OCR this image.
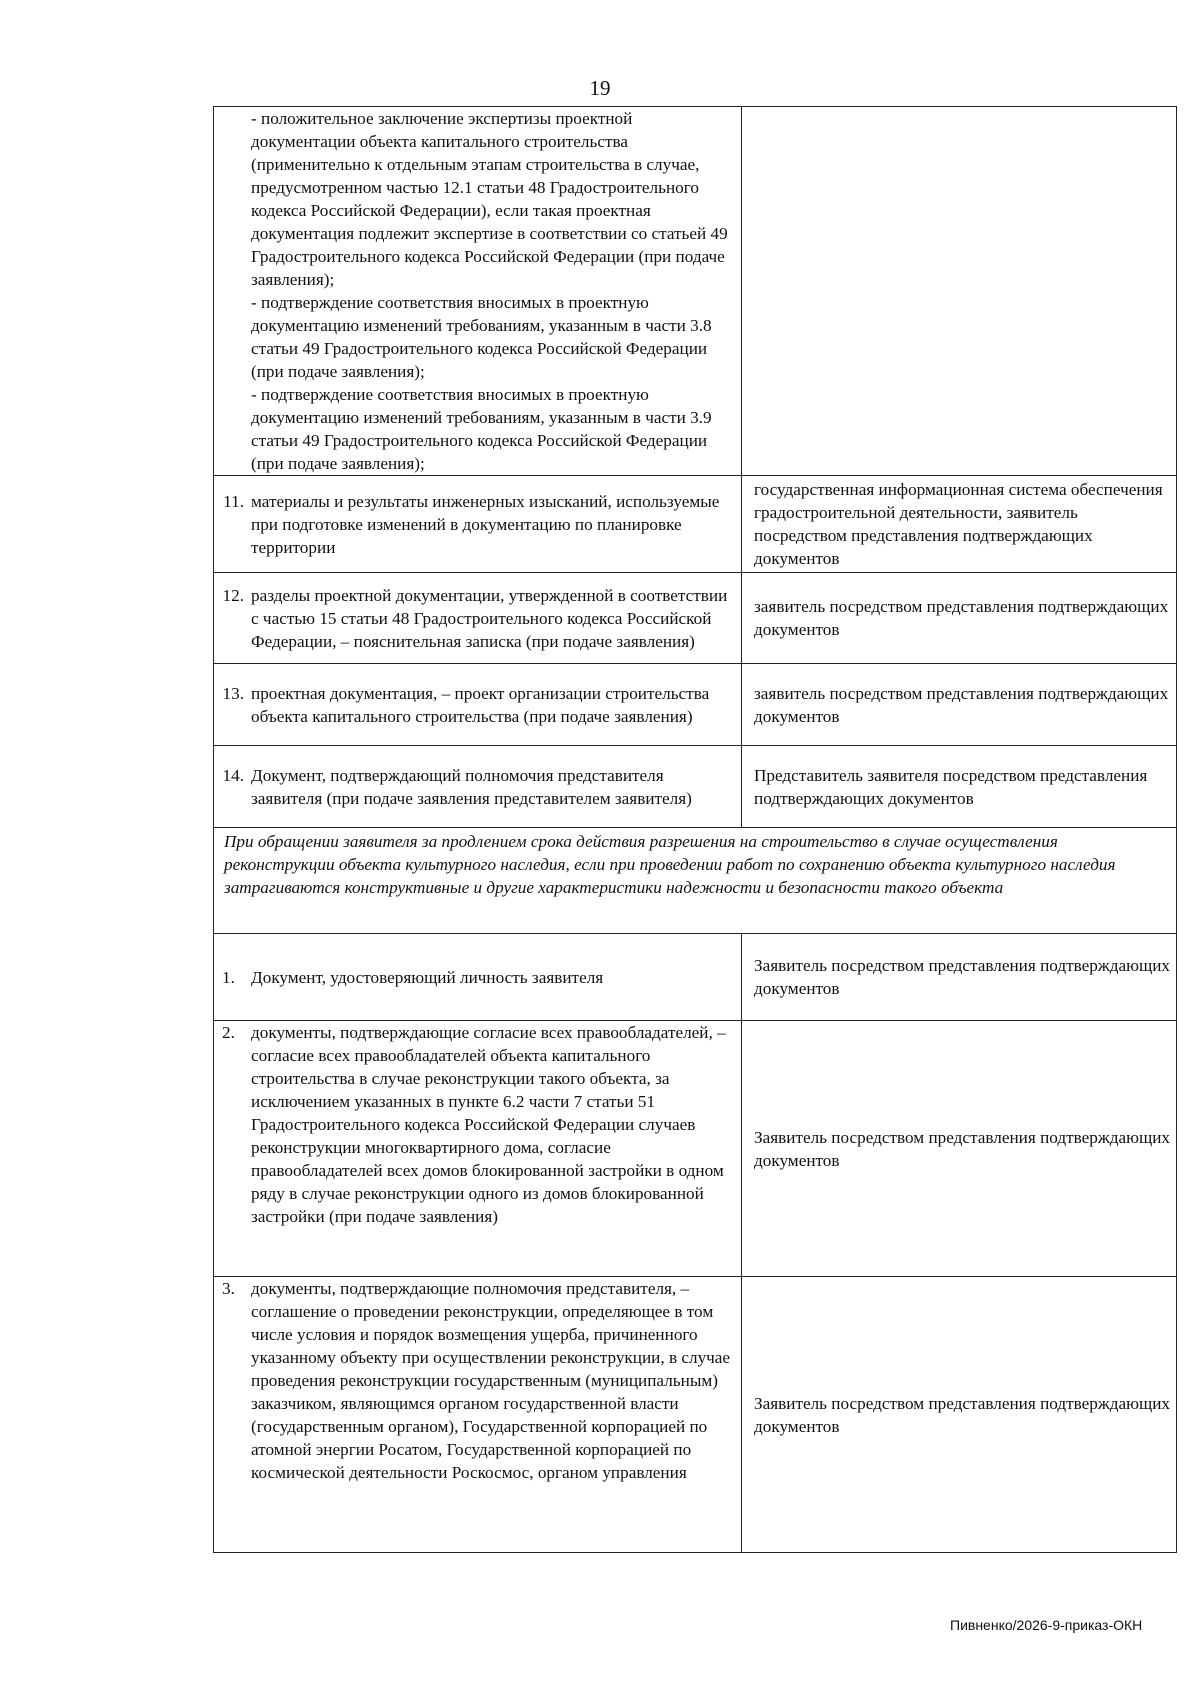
19
- положительное заключение экспертизы проектной документации объекта капитального строительства (применительно к отдельным этапам строительства в случае, предусмотренном частью 12.1 статьи 48 Градостроительного кодекса Российской Федерации), если такая проектная документация подлежит экспертизе в соответствии со статьей 49 Градостроительного кодекса Российской Федерации (при подаче заявления);
- подтверждение соответствия вносимых в проектную документацию изменений требованиям, указанным в части 3.8 статьи 49 Градостроительного кодекса Российской Федерации (при подаче заявления);
- подтверждение соответствия вносимых в проектную документацию изменений требованиям, указанным в части 3.9 статьи 49 Градостроительного кодекса Российской Федерации (при подаче заявления);	

11. материалы и результаты инженерных изысканий, используемые при подготовке изменений в документацию по планировке территории	государственная информационная система обеспечения градостроительной деятельности, заявитель посредством представления подтверждающих документов

12. разделы проектной документации, утвержденной в соответствии с частью 15 статьи 48 Градостроительного кодекса Российской Федерации, – пояснительная записка (при подаче заявления)	заявитель посредством представления подтверждающих документов

13. проектная документация, – проект организации строительства объекта капитального строительства (при подаче заявления)	заявитель посредством представления подтверждающих документов

14. Документ, подтверждающий полномочия представителя заявителя (при подаче заявления представителем заявителя)	Представитель заявителя посредством представления подтверждающих документов
При обращении заявителя за продлением срока действия разрешения на строительство в случае осуществления реконструкции объекта культурного наследия, если при проведении работ по сохранению объекта культурного наследия затрагиваются конструктивные и другие характеристики надежности и безопасности такого объекта	

1. Документ, удостоверяющий личность заявителя	Заявитель посредством представления подтверждающих документов

2. документы, подтверждающие согласие всех правообладателей, – согласие всех правообладателей объекта капитального строительства в случае реконструкции такого объекта, за исключением указанных в пункте 6.2 части 7 статьи 51 Градостроительного кодекса Российской Федерации случаев реконструкции многоквартирного дома, согласие правообладателей всех домов блокированной застройки в одном ряду в случае реконструкции одного из домов блокированной застройки (при подаче заявления)	Заявитель посредством представления подтверждающих документов

3. документы, подтверждающие полномочия представителя, – соглашение о проведении реконструкции, определяющее в том числе условия и порядок возмещения ущерба, причиненного указанному объекту при осуществлении реконструкции, в случае проведения реконструкции государственным (муниципальным) заказчиком, являющимся органом государственной власти (государственным органом), Государственной корпорацией по атомной энергии Росатом, Государственной корпорацией по космической деятельности Роскосмос, органом управления	Заявитель посредством представления подтверждающих документов
Пивненко/2026-9-приказ-ОКН
